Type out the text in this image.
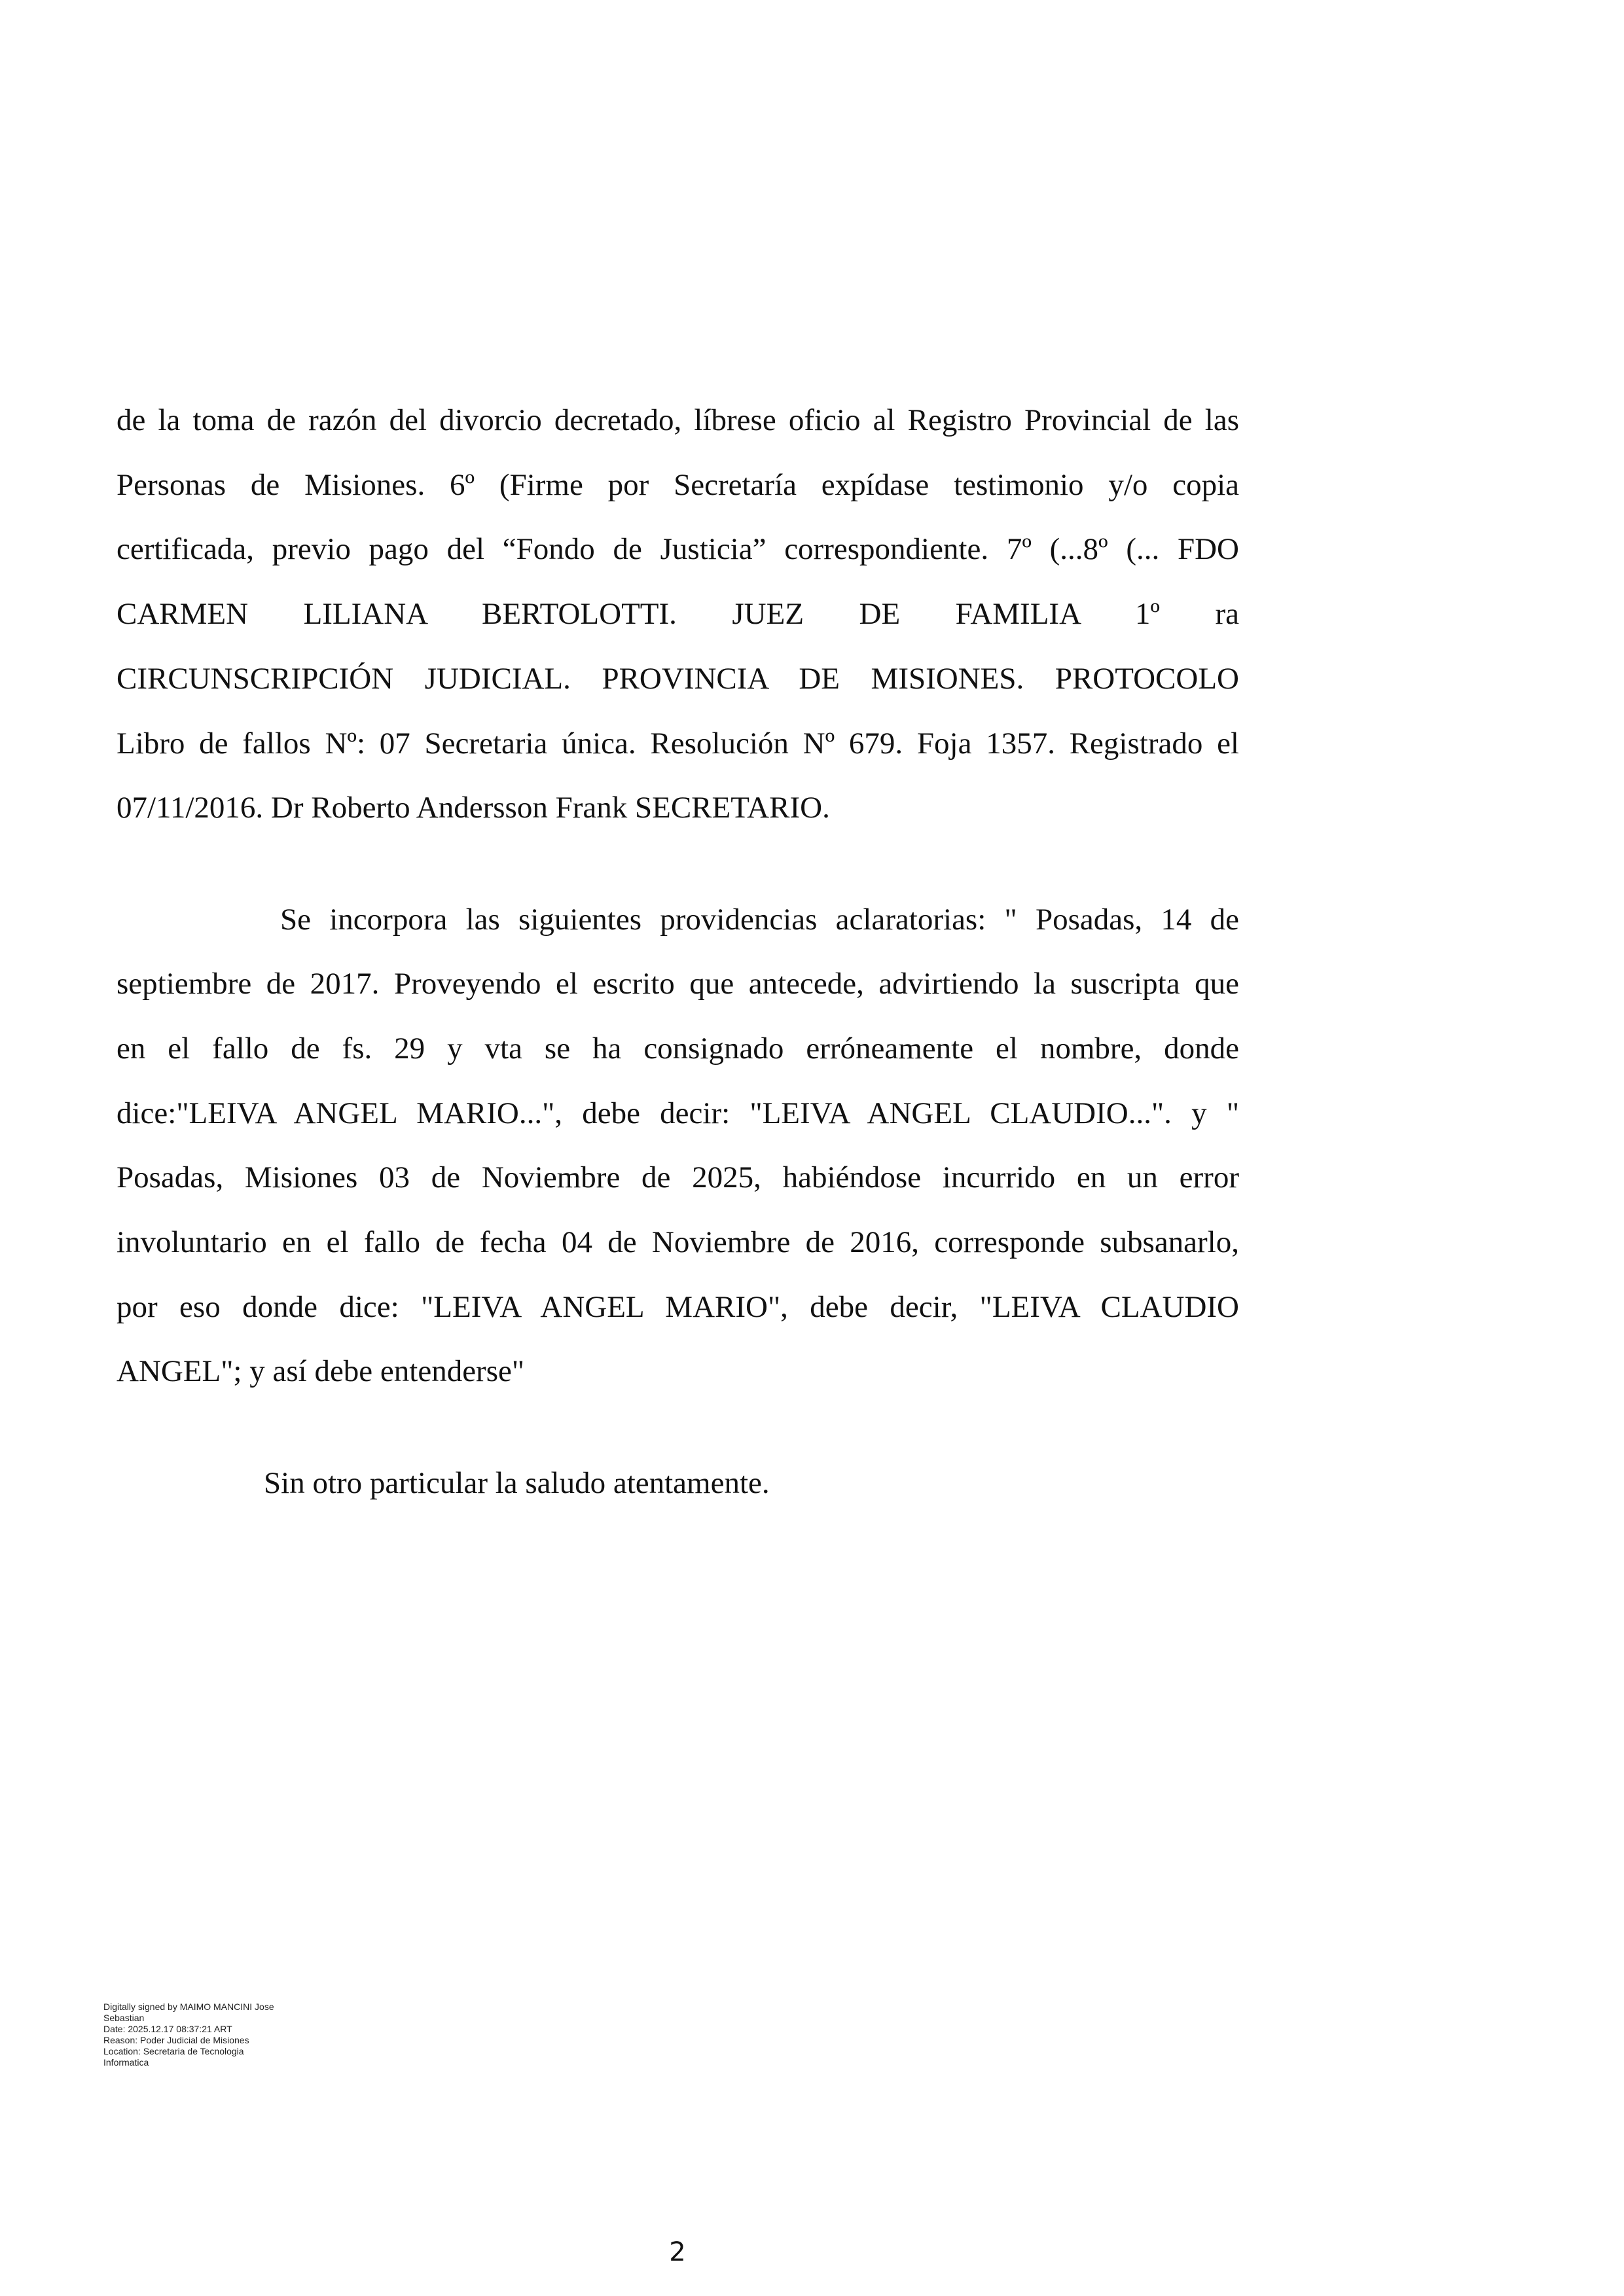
de la toma de razón del divorcio decretado, líbrese oficio al Registro Provincial de las
Personas de Misiones. 6º (Firme por Secretaría expídase testimonio y/o copia
certificada, previo pago del “Fondo de Justicia” correspondiente. 7º (...8º (... FDO
CARMEN LILIANA BERTOLOTTI. JUEZ DE FAMILIA 1º ra
CIRCUNSCRIPCIÓN JUDICIAL. PROVINCIA DE MISIONES. PROTOCOLO
Libro de fallos Nº: 07 Secretaria única. Resolución Nº 679. Foja 1357. Registrado el
07/11/2016. Dr Roberto Andersson Frank SECRETARIO.
Se incorpora las siguientes providencias aclaratorias: " Posadas, 14 de
septiembre de 2017. Proveyendo el escrito que antecede, advirtiendo la suscripta que
en el fallo de fs. 29 y vta se ha consignado erróneamente el nombre, donde
dice:"LEIVA ANGEL MARIO...", debe decir: "LEIVA ANGEL CLAUDIO...". y "
Posadas, Misiones 03 de Noviembre de 2025, habiéndose incurrido en un error
involuntario en el fallo de fecha 04 de Noviembre de 2016, corresponde subsanarlo,
por eso donde dice: "LEIVA ANGEL MARIO", debe decir, "LEIVA CLAUDIO
ANGEL"; y así debe entenderse"
Sin otro particular la saludo atentamente.
Digitally signed by MAIMO MANCINI Jose
Sebastian
Date: 2025.12.17 08:37:21 ART
Reason: Poder Judicial de Misiones
Location: Secretaria de Tecnologia
Informatica
2
